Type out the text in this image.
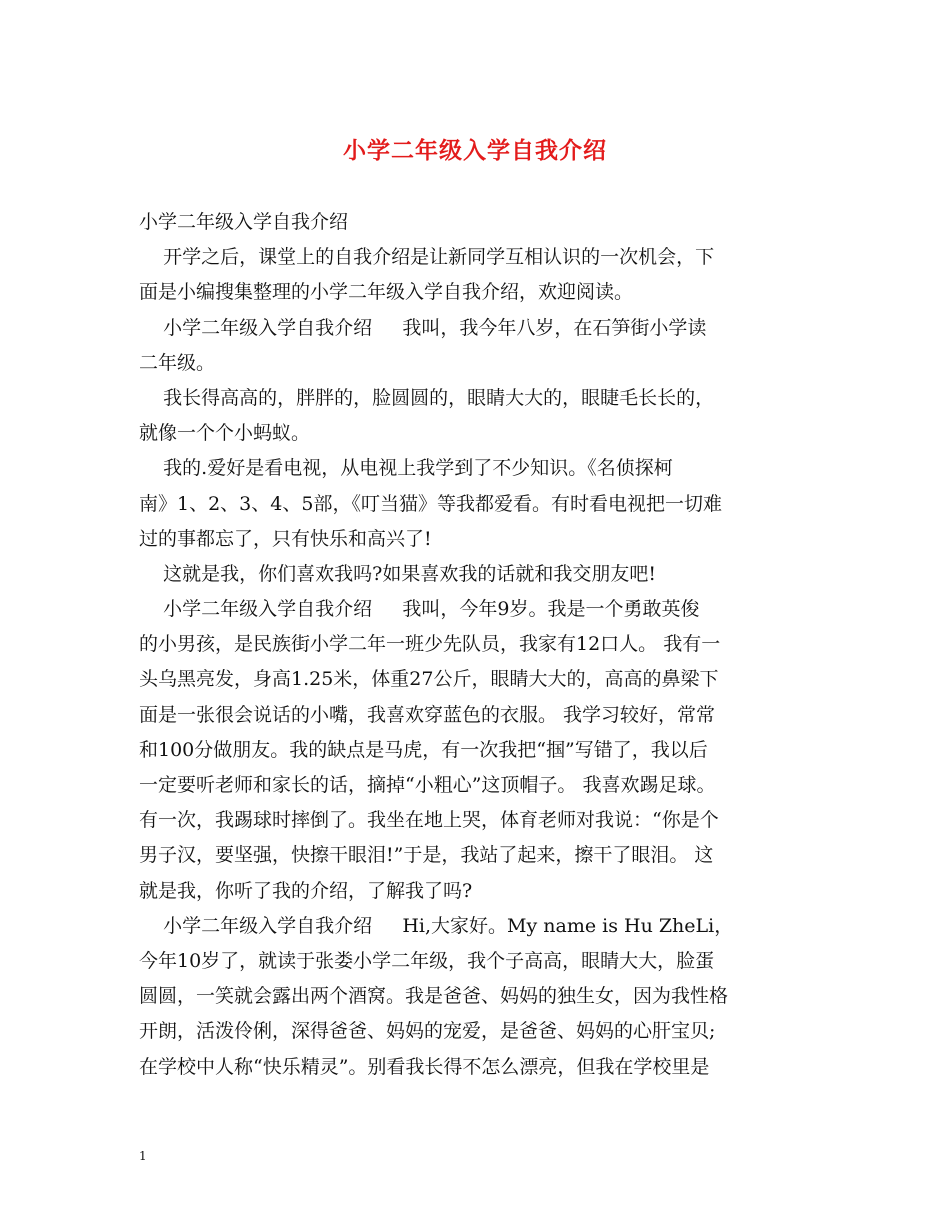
小学二年级入学自我介绍
小学二年级入学自我介绍
开学之后，课堂上的自我介绍是让新同学互相认识的一次机会，下
面是小编搜集整理的小学二年级入学自我介绍，欢迎阅读。
小学二年级入学自我介绍     我叫，我今年八岁，在石笋街小学读
二年级。
我长得高高的，胖胖的，脸圆圆的，眼睛大大的，眼睫毛长长的，
就像一个个小蚂蚁。
我的.爱好是看电视，从电视上我学到了不少知识。《名侦探柯
南》1、2、3、4、5部，《叮当猫》等我都爱看。有时看电视把一切难
过的事都忘了，只有快乐和高兴了!
这就是我，你们喜欢我吗?如果喜欢我的话就和我交朋友吧!
小学二年级入学自我介绍     我叫，今年9岁。我是一个勇敢英俊
的小男孩，是民族街小学二年一班少先队员，我家有12口人。 我有一
头乌黑亮发，身高1.25米，体重27公斤，眼睛大大的，高高的鼻梁下
面是一张很会说话的小嘴，我喜欢穿蓝色的衣服。 我学习较好，常常
和100分做朋友。我的缺点是马虎，有一次我把“掴”写错了，我以后
一定要听老师和家长的话，摘掉“小粗心”这顶帽子。 我喜欢踢足球。
有一次，我踢球时摔倒了。我坐在地上哭，体育老师对我说：“你是个
男子汉，要坚强，快擦干眼泪!”于是，我站了起来，擦干了眼泪。 这
就是我，你听了我的介绍，了解我了吗?
小学二年级入学自我介绍     Hi,大家好。My name is Hu ZheLi，
今年10岁了，就读于张娄小学二年级，我个子高高，眼睛大大，脸蛋
圆圆，一笑就会露出两个酒窝。我是爸爸、妈妈的独生女，因为我性格
开朗，活泼伶俐，深得爸爸、妈妈的宠爱，是爸爸、妈妈的心肝宝贝;
在学校中人称“快乐精灵”。别看我长得不怎么漂亮，但我在学校里是
1
